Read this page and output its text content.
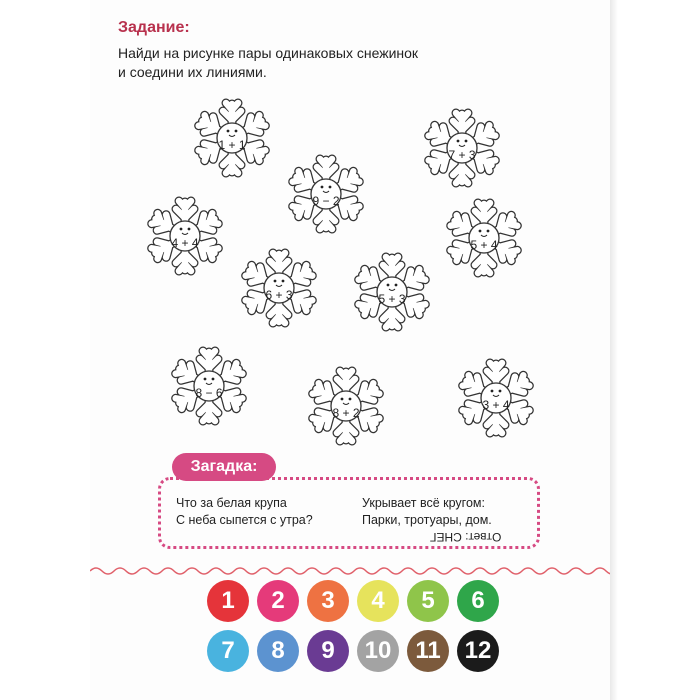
Задание:
Найди на рисунке пары одинаковых снежинок
и соедини их линиями.
1 + 1
7 + 3
9 − 2
4 + 4	5 + 4
6 + 3	5 + 3
8 − 6
8 + 2
3 + 4
Загадка:
Что за белая крупа
С неба сыпется с утра?
Укрывает всё кругом:
Парки, тротуары, дом.
Ответ: СНЕГ
1 2 3 4 5 6
7 8 9 10 11 12
